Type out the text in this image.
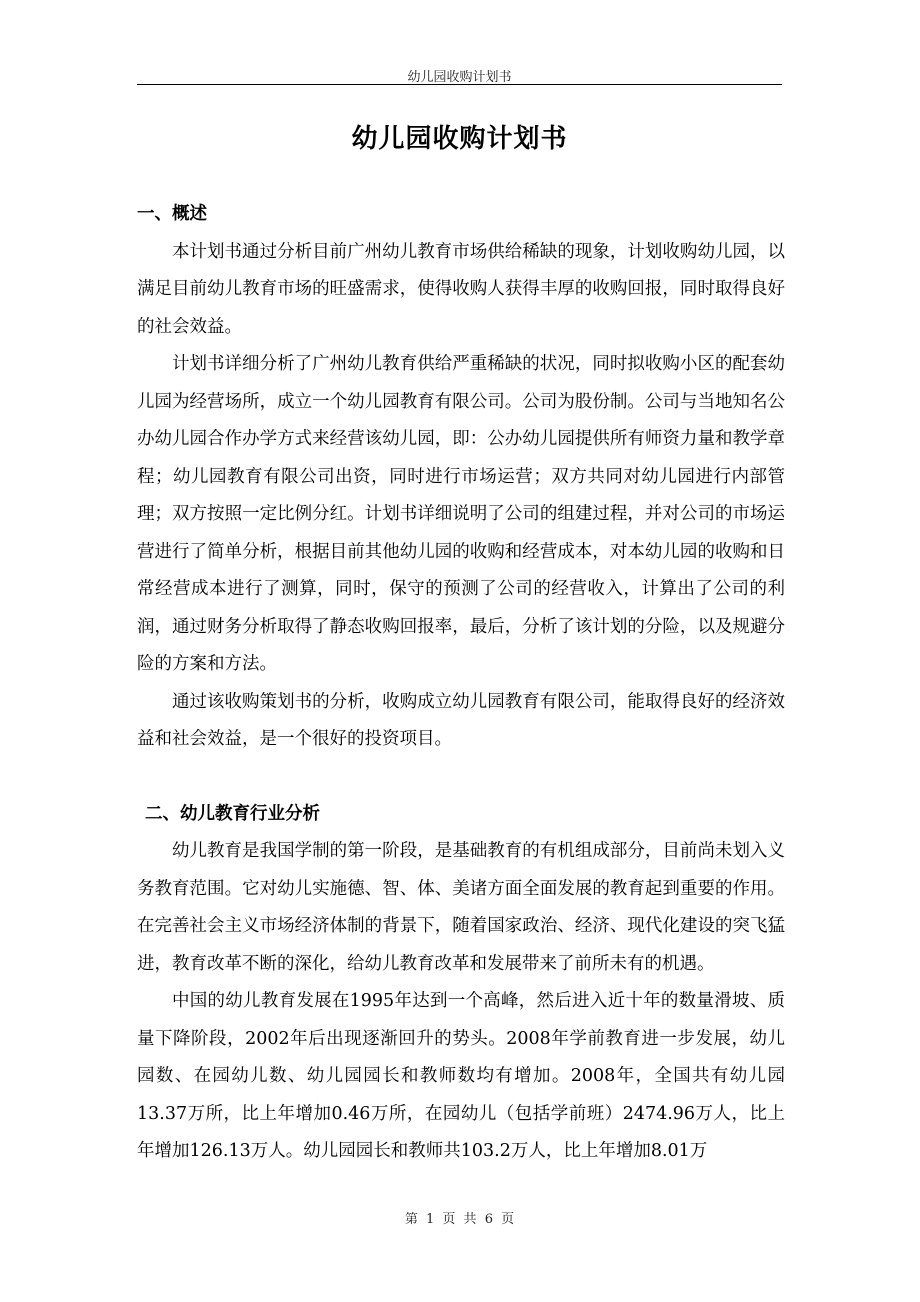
幼儿园收购计划书
幼儿园收购计划书
一、概述

本计划书通过分析目前广州幼儿教育市场供给稀缺的现象，计划收购幼儿园，以满足目前幼儿教育市场的旺盛需求，使得收购人获得丰厚的收购回报，同时取得良好的社会效益。

计划书详细分析了广州幼儿教育供给严重稀缺的状况，同时拟收购小区的配套幼儿园为经营场所，成立一个幼儿园教育有限公司。公司为股份制。公司与当地知名公办幼儿园合作办学方式来经营该幼儿园，即：公办幼儿园提供所有师资力量和教学章程；幼儿园教育有限公司出资，同时进行市场运营；双方共同对幼儿园进行内部管理；双方按照一定比例分红。计划书详细说明了公司的组建过程，并对公司的市场运营进行了简单分析，根据目前其他幼儿园的收购和经营成本，对本幼儿园的收购和日常经营成本进行了测算，同时，保守的预测了公司的经营收入，计算出了公司的利润，通过财务分析取得了静态收购回报率，最后，分析了该计划的分险，以及规避分险的方案和方法。

通过该收购策划书的分析，收购成立幼儿园教育有限公司，能取得良好的经济效益和社会效益，是一个很好的投资项目。

二、幼儿教育行业分析

幼儿教育是我国学制的第一阶段，是基础教育的有机组成部分，目前尚未划入义务教育范围。它对幼儿实施德、智、体、美诸方面全面发展的教育起到重要的作用。在完善社会主义市场经济体制的背景下，随着国家政治、经济、现代化建设的突飞猛进，教育改革不断的深化，给幼儿教育改革和发展带来了前所未有的机遇。

中国的幼儿教育发展在1995年达到一个高峰，然后进入近十年的数量滑坡、质量下降阶段，2002年后出现逐渐回升的势头。2008年学前教育进一步发展，幼儿园数、在园幼儿数、幼儿园园长和教师数均有增加。2008年，全国共有幼儿园13.37万所，比上年增加0.46万所，在园幼儿（包括学前班）2474.96万人，比上年增加126.13万人。幼儿园园长和教师共103.2万人，比上年增加8.01万

第 1 页 共 6 页
